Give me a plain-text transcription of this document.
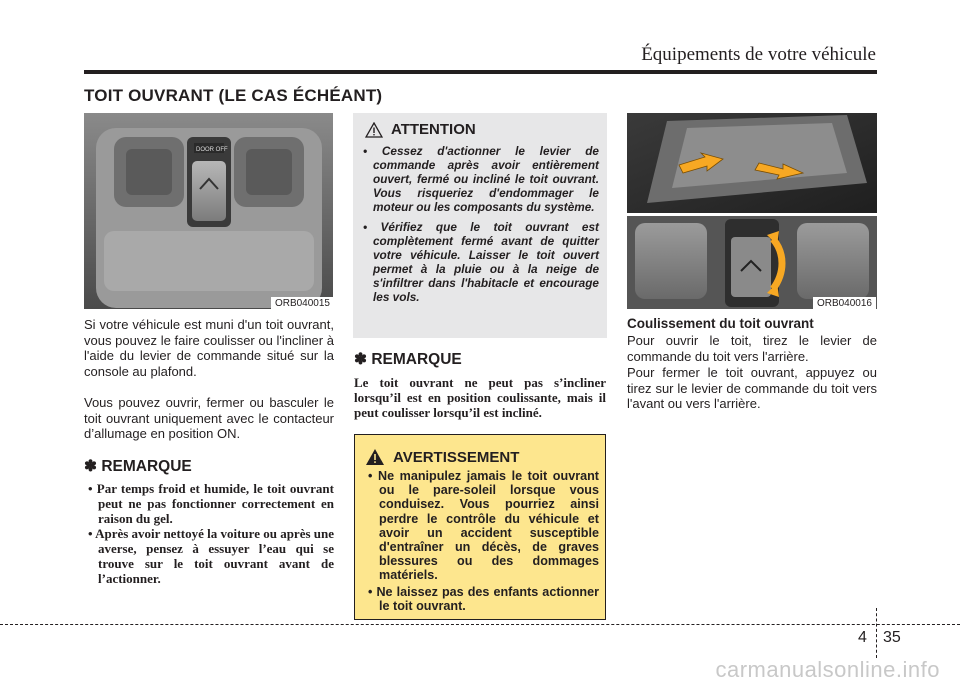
Équipements de votre véhicule
TOIT OUVRANT (LE CAS ÉCHÉANT)
DOOR OFF
ORB040015
Si votre véhicule est muni d'un toit ouvrant, vous pouvez le faire coulisser ou l'incliner à l'aide du levier de commande situé sur la console au plafond.
Vous pouvez ouvrir, fermer ou basculer le toit ouvrant uniquement avec le contacteur d’allumage en position ON.
✽ REMARQUE
• Par temps froid et humide, le toit ouvrant peut ne pas fonctionner correctement en raison du gel.
• Après avoir nettoyé la voiture ou après une averse, pensez à essuyer l’eau qui se trouve sur le toit ouvrant avant de l’actionner.
ATTENTION
• Cessez d'actionner le levier de commande après avoir entièrement ouvert, fermé ou incliné le toit ouvrant. Vous risqueriez d'endommager le moteur ou les composants du système.
• Vérifiez que le toit ouvrant est complètement fermé avant de quitter votre véhicule. Laisser le toit ouvert permet à la pluie ou à la neige de s'infiltrer dans l'habitacle et encourage les vols.
✽ REMARQUE
Le toit ouvrant ne peut pas s’incliner lorsqu’il est en position coulissante, mais il peut coulisser lorsqu’il est incliné.
AVERTISSEMENT
• Ne manipulez jamais le toit ouvrant ou le pare-soleil lorsque vous conduisez. Vous pourriez ainsi perdre le contrôle du véhicule et avoir un accident susceptible d'entraîner un décès, de graves blessures ou des dommages matériels.
• Ne laissez pas des enfants actionner le toit ouvrant.
ORB040016
Coulissement du toit ouvrant
Pour ouvrir le toit, tirez le levier de commande du toit vers l'arrière.
Pour fermer le toit ouvrant, appuyez ou tirez sur le levier de commande du toit vers l'avant ou vers l'arrière.
4 35
carmanualsonline.info
